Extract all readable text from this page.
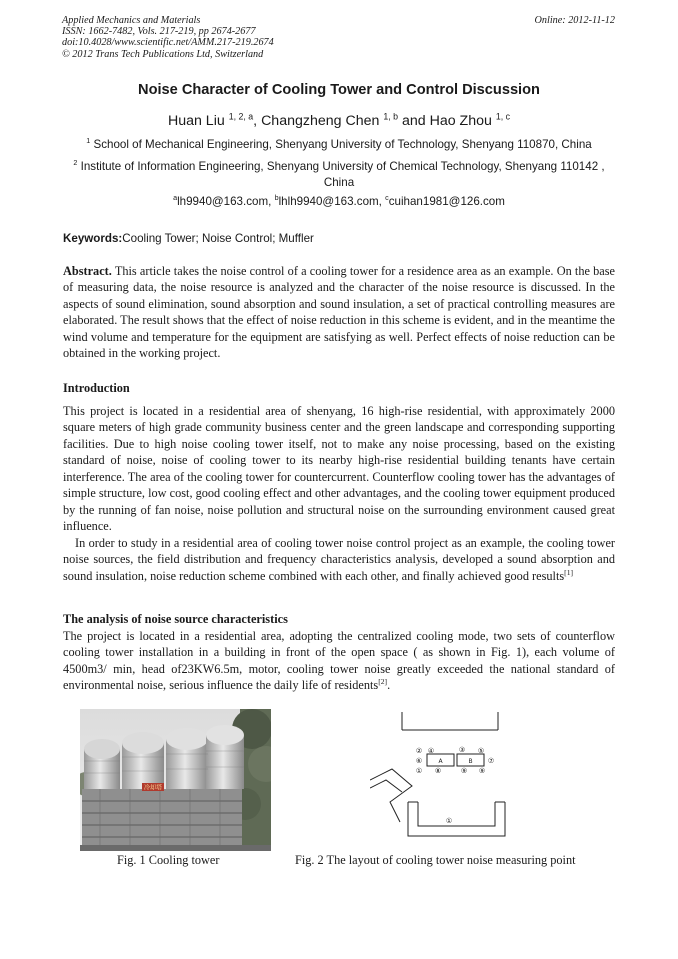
Applied Mechanics and Materials
ISSN: 1662-7482, Vols. 217-219, pp 2674-2677
doi:10.4028/www.scientific.net/AMM.217-219.2674
© 2012 Trans Tech Publications Ltd, Switzerland
Online: 2012-11-12
Noise Character of Cooling Tower and Control Discussion
Huan Liu $^{1, 2, a}$, Changzheng Chen $^{1, b}$ and Hao Zhou $^{1, c}$
$^1$ School of Mechanical Engineering, Shenyang University of Technology, Shenyang 110870, China
$^2$ Institute of Information Engineering, Shenyang University of Chemical Technology, Shenyang 110142 , China
$^a$lh9940@163.com, $^b$lhlh9940@163.com, $^c$cuihan1981@126.com
Keywords:Cooling Tower; Noise Control; Muffler
Abstract. This article takes the noise control of a cooling tower for a residence area as an example. On the base of measuring data, the noise resource is analyzed and the character of the noise resource is discussed. In the aspects of sound elimination, sound absorption and sound insulation, a set of practical controlling measures are elaborated. The result shows that the effect of noise reduction in this scheme is evident, and in the meantime the wind volume and temperature for the equipment are satisfying as well. Perfect effects of noise reduction can be obtained in the working project.
Introduction
This project is located in a residential area of shenyang, 16 high-rise residential, with approximately 2000 square meters of high grade community business center and the green landscape and corresponding supporting facilities. Due to high noise cooling tower itself, not to make any noise processing, based on the existing standard of noise, noise of cooling tower to its nearby high-rise residential building tenants have certain interference. The area of the cooling tower for countercurrent. Counterflow cooling tower has the advantages of simple structure, low cost, good cooling effect and other advantages, and the cooling tower equipment produced by the running of fan noise, noise pollution and structural noise on the surrounding environment caused great influence.
In order to study in a residential area of cooling tower noise control project as an example, the cooling tower noise sources, the field distribution and frequency characteristics analysis, developed a sound absorption and sound insulation, noise reduction scheme combined with each other, and finally achieved good results[1]
The analysis of noise source characteristics
The project is located in a residential area, adopting the centralized cooling mode, two sets of counterflow cooling tower installation in a building in front of the open space ( as shown in Fig. 1), each volume of 4500m3/ min, head of23KW6.5m, motor, cooling tower noise greatly exceeded the national standard of environmental noise, serious influence the daily life of residents[2].
冷却塔
A	B
② ④	③ ⑤
⑥	⑦
① ⑧	⑨ ⑨
①
Fig. 1 Cooling tower	Fig. 2 The layout of cooling tower noise measuring point
